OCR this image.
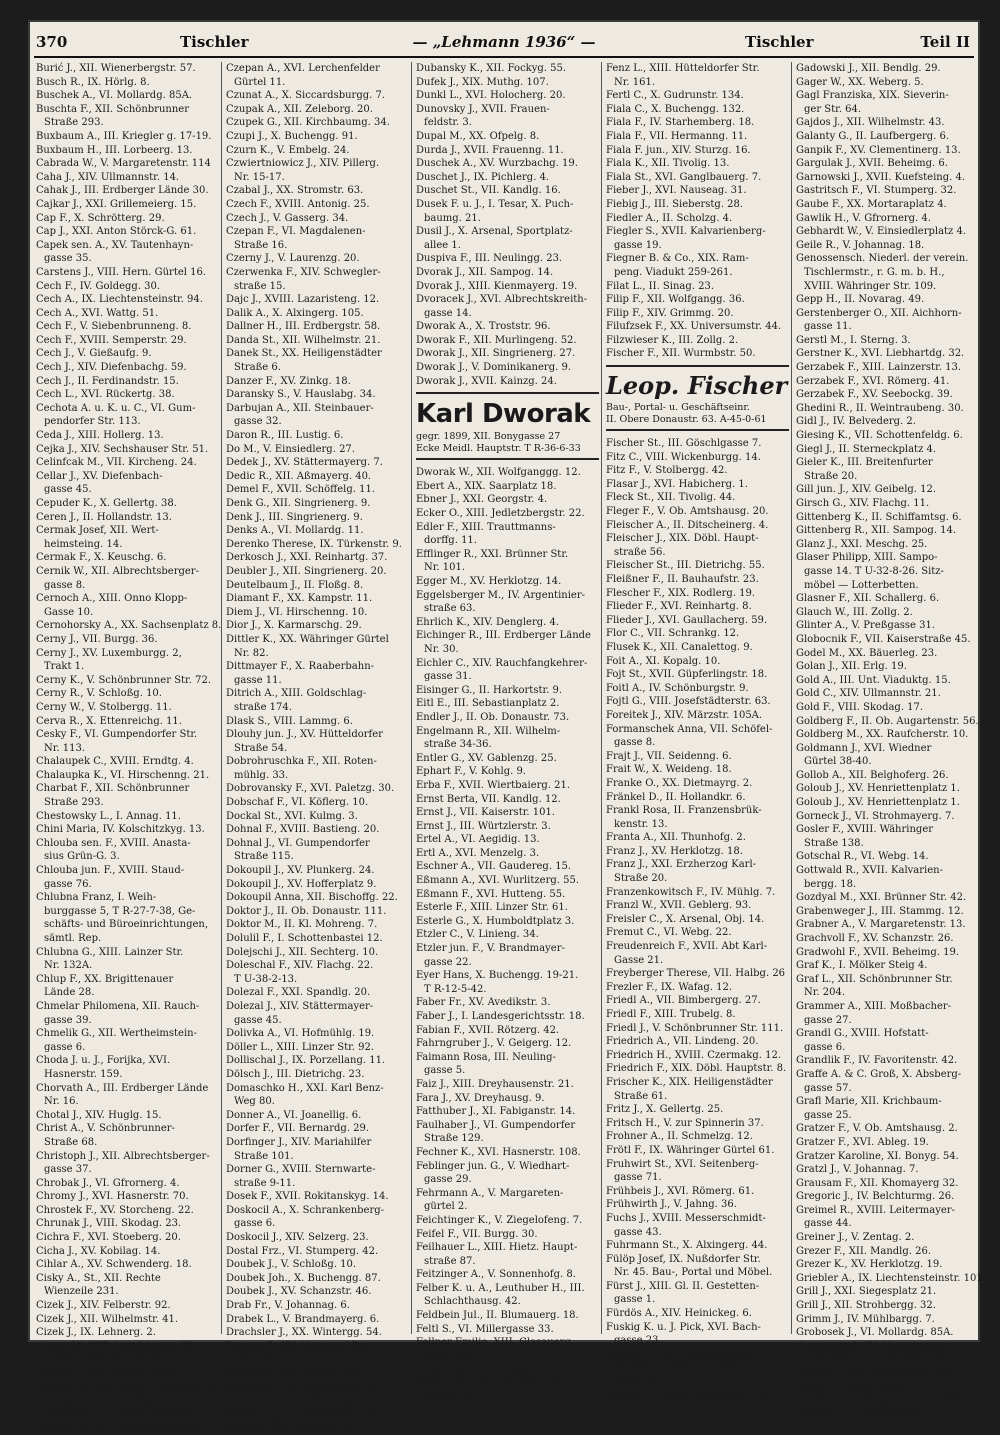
370	Tischler	— „Lehmann 1936“ —	Tischler	Teil II
Burić J., XII. Wienerbergstr. 57.
Busch R., IX. Hörlg. 8.
Buschek A., VI. Mollardg. 85A.
Buschta F., XII. Schönbrunner
Straße 293.
Buxbaum A., III. Kriegler g. 17-19.
Buxbaum H., III. Lorbeerg. 13.
Cabrada W., V. Margaretenstr. 114
Caha J., XIV. Ullmannstr. 14.
Cahak J., III. Erdberger Lände 30.
Cajkar J., XXI. Grillemeierg. 15.
Cap F., X. Schrötterg. 29.
Cap J., XXI. Anton Störck-G. 61.
Capek sen. A., XV. Tautenhayn-
gasse 35.
Carstens J., VIII. Hern. Gürtel 16.
Cech F., IV. Goldegg. 30.
Cech A., IX. Liechtensteinstr. 94.
Cech A., XVI. Wattg. 51.
Cech F., V. Siebenbrunneng. 8.
Cech F., XVIII. Semperstr. 29.
Cech J., V. Gießaufg. 9.
Cech J., XIV. Diefenbachg. 59.
Cech J., II. Ferdinandstr. 15.
Cech L., XVI. Rückertg. 38.
Cechota A. u. K. u. C., VI. Gum-
pendorfer Str. 113.
Ceda J., XIII. Hollerg. 13.
Cejka J., XIV. Sechshauser Str. 51.
Celinfcak M., VII. Kircheng. 24.
Cellar J., XV. Diefenbach-
gasse 45.
Cepuder K., X. Gellertg. 38.
Ceren J., II. Hollandstr. 13.
Cermak Josef, XII. Wert-
heimsteing. 14.
Cermak F., X. Keuschg. 6.
Cernik W., XII. Albrechtsberger-
gasse 8.
Cernoch A., XIII. Onno Klopp-
Gasse 10.
Cernohorsky A., XX. Sachsenplatz 8.
Cerny J., VII. Burgg. 36.
Cerny J., XV. Luxemburgg. 2,
Trakt 1.
Cerny K., V. Schönbrunner Str. 72.
Cerny R., V. Schloßg. 10.
Cerny W., V. Stolbergg. 11.
Cerva R., X. Ettenreichg. 11.
Cesky F., VI. Gumpendorfer Str.
Nr. 113.
Chalaupek C., XVIII. Erndtg. 4.
Chalaupka K., VI. Hirschenng. 21.
Charbat F., XII. Schönbrunner
Straße 293.
Chestowsky L., I. Annag. 11.
Chini Maria, IV. Kolschitzkyg. 13.
Chlouba sen. F., XVIII. Anasta-
sius Grün-G. 3.
Chlouba jun. F., XVIII. Staud-
gasse 76.
Chlubna Franz, I. Weih-
burggasse 5, T R-27-7-38, Ge-
schäfts- und Büroeinrichtungen,
sämtl. Rep.
Chlubna G., XIII. Lainzer Str.
Nr. 132A.
Chlup F., XX. Brigittenauer
Lände 28.
Chmelar Philomena, XII. Rauch-
gasse 39.
Chmelik G., XII. Wertheimstein-
gasse 6.
Choda J. u. J., Forijka, XVI.
Hasnerstr. 159.
Chorvath A., III. Erdberger Lände
Nr. 16.
Chotal J., XIV. Huglg. 15.
Christ A., V. Schönbrunner-
Straße 68.
Christoph J., XII. Albrechtsberger-
gasse 37.
Chrobak J., VI. Gfrornerg. 4.
Chromy J., XVI. Hasnerstr. 70.
Chrostek F., XV. Storcheng. 22.
Chrunak J., VIII. Skodag. 23.
Cichra F., XVI. Stoeberg. 20.
Cicha J., XV. Kobilag. 14.
Cihlar A., XV. Schwenderg. 18.
Cisky A., St., XII. Rechte
Wienzeile 231.
Cizek J., XIV. Felberstr. 92.
Cizek J., XII. Wilhelmstr. 41.
Cizek J., IX. Lehnerg. 2.
Cizner W., XVI. Lienfelderg. 86.
Cmolik J., XIV. Fenzlg. 8-10.
Cmolik J., XIV. Fenzlg. 8-10.
Comba Ed., XII. Meidl. Hauptstr. 68.
Conrads F., IX. Marktg. 11.
Corridor R., II. Große Stadtgutg. 3.
Csanky M., IX. Liechtensteinstr. 117
Czepan A., XVI. Lerchenfelder
Gürtel 11.
Czunat A., X. Siccardsburgg. 7.
Czupak A., XII. Zeleborg. 20.
Czupek G., XII. Kirchbaumg. 34.
Czupi J., X. Buchengg. 91.
Czurn K., V. Embelg. 24.
Czwiertniowicz J., XIV. Pillerg.
Nr. 15-17.
Czabal J., XX. Stromstr. 63.
Czech F., XVIII. Antonig. 25.
Czech J., V. Gasserg. 34.
Czepan F., VI. Magdalenen-
Straße 16.
Czerny J., V. Laurenzg. 20.
Czerwenka F., XIV. Schwegler-
straße 15.
Dajc J., XVIII. Lazaristeng. 12.
Dalik A., X. Alxingerg. 105.
Dallner H., III. Erdbergstr. 58.
Danda St., XII. Wilhelmstr. 21.
Danek St., XX. Heiligenstädter
Straße 6.
Danzer F., XV. Zinkg. 18.
Daransky S., V. Hauslabg. 34.
Darbujan A., XII. Steinbauer-
gasse 32.
Daron R., III. Lustig. 6.
Do M., V. Einsiedlerg. 27.
Dedek J., XV. Stättermayerg. 7.
Dedic R., XII. Aßmayerg. 40.
Demel F., XVII. Schöffelg. 11.
Denk G., XII. Singrienerg. 9.
Denk J., III. Singrienerg. 9.
Denks A., VI. Mollardg. 11.
Derenko Therese, IX. Türkenstr. 9.
Derkosch J., XXI. Reinhartg. 37.
Deubler J., XII. Singrienerg. 20.
Deutelbaum J., II. Floßg. 8.
Diamant F., XX. Kampstr. 11.
Diem J., VI. Hirschenng. 10.
Dior J., X. Karmarschg. 29.
Dittler K., XX. Währinger Gürtel
Nr. 82.
Dittmayer F., X. Raaberbahn-
gasse 11.
Ditrich A., XIII. Goldschlag-
straße 174.
Dlask S., VIII. Lammg. 6.
Dlouhy jun. J., XV. Hütteldorfer
Straße 54.
Dobrohruschka F., XII. Roten-
mühlg. 33.
Dobrovansky F., XVI. Paletzg. 30.
Dobschaf F., VI. Köflerg. 10.
Dockal St., XVI. Kulmg. 3.
Dohnal F., XVIII. Bastieng. 20.
Dohnal J., VI. Gumpendorfer
Straße 115.
Dokoupil J., XV. Plunkerg. 24.
Dokoupil J., XV. Hofferplatz 9.
Dokoupil Anna, XII. Bischoffg. 22.
Doktor J., II. Ob. Donaustr. 111.
Doktor M., II. Kl. Mohreng. 7.
Dolulil F., I. Schottenbastei 12.
Dolejschi J., XII. Sechterg. 10.
Doleschal F., XIV. Flachg. 22.
T U-38-2-13.
Dolezal F., XXI. Spandlg. 20.
Dolezal J., XIV. Stättermayer-
gasse 45.
Dolivka A., VI. Hofmühlg. 19.
Döller L., XIII. Linzer Str. 92.
Dollischal J., IX. Porzellang. 11.
Dölsch J., III. Dietrichg. 23.
Domaschko H., XXI. Karl Benz-
Weg 80.
Donner A., VI. Joanellig. 6.
Dorfer F., VII. Bernardg. 29.
Dorfinger J., XIV. Mariahilfer
Straße 101.
Dorner G., XVIII. Sternwarte-
straße 9-11.
Dosek F., XVII. Rokitanskyg. 14.
Doskocil A., X. Schrankenberg-
gasse 6.
Doskocil J., XIV. Selzerg. 23.
Dostal Frz., VI. Stumperg. 42.
Doubek J., V. Schloßg. 10.
Doubek Joh., X. Buchengg. 87.
Doubek J., XV. Schanzstr. 46.
Drab Fr., V. Johannag. 6.
Drabek L., V. Brandmayerg. 6.
Drachsler J., XX. Wintergg. 54.
Drahny F., XV. Markgraf Rü-
diger-Str. 13.
Drimal K., XV. Märzstr. 35.
Drobny K., XII. Wilhelmstr. 59.
Drucker J., XVI. Blumeng. 29.
Drucker J., III. Würzlerstr. 15.
Duba F., XV. Felberstr. 32.
Dubansky K., XII. Fockyg. 55.
Dufek J., XIX. Muthg. 107.
Dunkl L., XVI. Holocherg. 20.
Dunovsky J., XVII. Frauen-
feldstr. 3.
Dupal M., XX. Ofpelg. 8.
Durda J., XVII. Frauenng. 11.
Duschek A., XV. Wurzbachg. 19.
Duschet J., IX. Pichlerg. 4.
Duschet St., VII. Kandlg. 16.
Dusek F. u. J., I. Tesar, X. Puch-
baumg. 21.
Dusil J., X. Arsenal, Sportplatz-
allee 1.
Duspiva F., III. Neulingg. 23.
Dvorak J., XII. Sampog. 14.
Dvorak J., XIII. Kienmayerg. 19.
Dvoracek J., XVI. Albrechtskreith-
gasse 14.
Dworak A., X. Troststr. 96.
Dworak F., XII. Murlingeng. 52.
Dworak J., XII. Singrienerg. 27.
Dworak J., V. Dominikanerg. 9.
Dworak J., XVII. Kainzg. 24.
Karl Dworak
gegr. 1899, XII. Bonygasse 27
Ecke Meidl. Hauptstr. T R-36-6-33
Dworak W., XII. Wolfganggg. 12.
Ebert A., XIX. Saarplatz 18.
Ebner J., XXI. Georgstr. 4.
Ecker O., XIII. Jedletzbergstr. 22.
Edler F., XIII. Trauttmanns-
dorffg. 11.
Efflinger R., XXI. Brünner Str.
Nr. 101.
Egger M., XV. Herklotzg. 14.
Eggelsberger M., IV. Argentinier-
straße 63.
Ehrlich K., XIV. Denglerg. 4.
Eichinger R., III. Erdberger Lände
Nr. 30.
Eichler C., XIV. Rauchfangkehrer-
gasse 31.
Eisinger G., II. Harkortstr. 9.
Eitl E., III. Sebastianplatz 2.
Endler J., II. Ob. Donaustr. 73.
Engelmann R., XII. Wilhelm-
straße 34-36.
Entler G., XV. Gablenzg. 25.
Ephart F., V. Kohlg. 9.
Erba F., XVII. Wiertbaierg. 21.
Ernst Berta, VII. Kandlg. 12.
Ernst J., VII. Kaiserstr. 101.
Ernst J., III. Würtzlerstr. 3.
Ertel A., VI. Aegidig. 13.
Ertl A., XVI. Menzelg. 3.
Eschner A., VII. Gaudereg. 15.
Eßmann A., XVI. Wurlitzerg. 55.
Eßmann F., XVI. Hutteng. 55.
Esterle F., XIII. Linzer Str. 61.
Esterle G., X. Humboldtplatz 3.
Etzler C., V. Linieng. 34.
Etzler jun. F., V. Brandmayer-
gasse 22.
Eyer Hans, X. Buchengg. 19-21.
T R-12-5-42.
Faber Fr., XV. Avedikstr. 3.
Faber J., I. Landesgerichtsstr. 18.
Fabian F., XVII. Rötzerg. 42.
Fahrngruber J., V. Geigerg. 12.
Faimann Rosa, III. Neuling-
gasse 5.
Faiz J., XIII. Dreyhausenstr. 21.
Fara J., XV. Dreyhausg. 9.
Fatthuber J., XI. Fabiganstr. 14.
Faulhaber J., VI. Gumpendorfer
Straße 129.
Fechner K., XVI. Hasnerstr. 108.
Feblinger jun. G., V. Wiedhart-
gasse 29.
Fehrmann A., V. Margareten-
gürtel 2.
Feichtinger K., V. Ziegelofeng. 7.
Feifel F., VII. Burgg. 30.
Feilhauer L., XIII. Hietz. Haupt-
straße 87.
Feitzinger A., V. Sonnenhofg. 8.
Felber K. u. A., Leuthuber H., III.
Schlachthausg. 42.
Feldbein Jul., II. Blumauerg. 18.
Feltl S., VI. Millergasse 33.
Fellner Emilie, XIII. Glasauerg.
gasse 24.
Fellner J., III. Gärtnerg. 33.
Fellner Schewa, IV. Argentinier-
straße 53.
Fenz L., XIII. Hütteldorfer Str.
Nr. 161.
Fertl C., X. Gudrunstr. 134.
Fiala C., X. Buchengg. 132.
Fiala F., IV. Starhemberg. 18.
Fiala F., VII. Hermanng. 11.
Fiala F. jun., XIV. Sturzg. 16.
Fiala K., XII. Tivolig. 13.
Fiala St., XVI. Ganglbauerg. 7.
Fieber J., XVI. Nauseag. 31.
Fiebig J., III. Sieberstg. 28.
Fiedler A., II. Scholzg. 4.
Fiegler S., XVII. Kalvarienberg-
gasse 19.
Fiegner B. & Co., XIX. Ram-
peng. Viadukt 259-261.
Filat L., II. Sinag. 23.
Filip F., XII. Wolfgangg. 36.
Filip F., XIV. Grimmg. 20.
Filufzsek F., XX. Universumstr. 44.
Filzwieser K., III. Zollg. 2.
Fischer F., XII. Wurmbstr. 50.
Leop. Fischer
Bau-, Portal- u. Geschäftseinr.
II. Obere Donaustr. 63. A-45-0-61
Fischer St., III. Göschlgasse 7.
Fitz C., VIII. Wickenburgg. 14.
Fitz F., V. Stolbergg. 42.
Flasar J., XVI. Habicherg. 1.
Fleck St., XII. Tivolig. 44.
Fleger F., V. Ob. Amtshausg. 20.
Fleischer A., II. Ditscheinerg. 4.
Fleischer J., XIX. Döbl. Haupt-
straße 56.
Fleischer St., III. Dietrichg. 55.
Fleißner F., II. Bauhaufstr. 23.
Flescher F., XIX. Rodlerg. 19.
Flieder F., XVI. Reinhartg. 8.
Flieder J., XVI. Gaullacherg. 59.
Flor C., VII. Schrankg. 12.
Flusek K., XII. Canalettog. 9.
Foit A., XI. Kopalg. 10.
Fojt St., XVII. Güpferlingstr. 18.
Foitl A., IV. Schönburgstr. 9.
Fojtl G., VIII. Josefstädterstr. 63.
Foreitek J., XIV. Märzstr. 105A.
Formanschek Anna, VII. Schöfel-
gasse 8.
Frajt J., VII. Seidenng. 6.
Frait W., X. Weideng. 18.
Franke O., XX. Dietmayrg. 2.
Fränkel D., II. Hollandkr. 6.
Frankl Rosa, II. Franzensbrük-
kenstr. 13.
Franta A., XII. Thunhofg. 2.
Franz J., XV. Herklotzg. 18.
Franz J., XXI. Erzherzog Karl-
Straße 20.
Franzenkowitsch F., IV. Mühlg. 7.
Franzl W., XVII. Geblerg. 93.
Freisler C., X. Arsenal, Obj. 14.
Fremut C., VI. Webg. 22.
Freudenreich F., XVII. Abt Karl-
Gasse 21.
Freyberger Therese, VII. Halbg. 26
Frezler F., IX. Wafag. 12.
Friedl A., VII. Bimbergerg. 27.
Friedl F., XIII. Trubelg. 8.
Friedl J., V. Schönbrunner Str. 111.
Friedrich A., VII. Lindeng. 20.
Friedrich H., XVIII. Czermakg. 12.
Friedrich F., XIX. Döbl. Hauptstr. 8.
Frischer K., XIX. Heiligenstädter
Straße 61.
Fritz J., X. Gellertg. 25.
Fritsch H., V. zur Spinnerin 37.
Frohner A., II. Schmelzg. 12.
Frötl F., IX. Währinger Gürtel 61.
Fruhwirt St., XVI. Seitenberg-
gasse 71.
Frühbeis J., XVI. Römerg. 61.
Frühwirth J., V. Jahng. 36.
Fuchs J., XVIII. Messerschmidt-
gasse 43.
Fuhrmann St., X. Alxingerg. 44.
Fülöp Josef, IX. Nußdorfer Str.
Nr. 45. Bau-, Portal und Möbel.
Fürst J., XIII. Gl. II. Gestetten-
gasse 1.
Fürdös A., XIV. Heinickeg. 6.
Fuskig K. u. J. Pick, XVI. Bach-
gasse 23.
Gabler F., XIII. Rohrbacherstr. 17.
Gabrowitz J., XVI. Speckbacher-
gasse 40.
Gabriel F., XVIII. Semperstr. 28.
Gadowski J., XII. Bendlg. 29.
Gager W., XX. Weberg. 5.
Gagl Franziska, XIX. Sieverin-
ger Str. 64.
Gajdos J., XII. Wilhelmstr. 43.
Galanty G., II. Laufbergerg. 6.
Ganpik F., XV. Clementinerg. 13.
Gargulak J., XVII. Beheimg. 6.
Garnowski J., XVII. Kuefsteing. 4.
Gastritsch F., VI. Stumperg. 32.
Gaube F., XX. Mortaraplatz 4.
Gawlik H., V. Gfrornerg. 4.
Gebhardt W., V. Einsiedlerplatz 4.
Geile R., V. Johannag. 18.
Genossensch. Niederl. der verein.
Tischlermstr., r. G. m. b. H.,
XVIII. Währinger Str. 109.
Gepp H., II. Novarag. 49.
Gerstenberger O., XII. Aichhorn-
gasse 11.
Gerstl M., I. Sterng. 3.
Gerstner K., XVI. Liebhartdg. 32.
Gerzabek F., XIII. Lainzerstr. 13.
Gerzabek F., XVI. Römerg. 41.
Gerzabek F., XV. Seebockg. 39.
Ghedini R., II. Weintraubeng. 30.
Gidl J., IV. Belvederg. 2.
Giesing K., VII. Schottenfeldg. 6.
Giegl J., II. Sterneckplatz 4.
Gieler K., III. Breitenfurter
Straße 20.
Gill jun. J., XIV. Geibelg. 12.
Girsch G., XIV. Flachg. 11.
Gittenberg K., II. Schiffamtsg. 6.
Gittenberg R., XII. Sampog. 14.
Glanz J., XXI. Meschg. 25.
Glaser Philipp, XIII. Sampo-
gasse 14. T U-32-8-26. Sitz-
möbel — Lotterbetten.
Glasner F., XII. Schallerg. 6.
Glauch W., III. Zollg. 2.
Glinter A., V. Preßgasse 31.
Globocnik F., VII. Kaiserstraße 45.
Godel M., XX. Bäuerleg. 23.
Golan J., XII. Erlg. 19.
Gold A., III. Unt. Viaduktg. 15.
Gold C., XIV. Ullmannstr. 21.
Gold F., VIII. Skodag. 17.
Goldberg F., II. Ob. Augartenstr. 56.
Goldberg M., XX. Raufcherstr. 10.
Goldmann J., XVI. Wiedner
Gürtel 38-40.
Gollob A., XII. Belghoferg. 26.
Goloub J., XV. Henriettenplatz 1.
Goloub J., XV. Henriettenplatz 1.
Gorneck J., VI. Strohmayerg. 7.
Gosler F., XVIII. Währinger
Straße 138.
Gotschal R., VI. Webg. 14.
Gottwald R., XVII. Kalvarien-
bergg. 18.
Gozdyal M., XXI. Brünner Str. 42.
Grabenweger J., III. Stammg. 12.
Grabner A., V. Margaretenstr. 13.
Grachvoll F., XV. Schanzstr. 26.
Gradwohl F., XVII. Beheimg. 19.
Graf K., I. Mölker Steig 4.
Graf L., XII. Schönbrunner Str.
Nr. 204.
Grammer A., XIII. Moßbacher-
gasse 27.
Grandl G., XVIII. Hofstatt-
gasse 6.
Grandlik F., IV. Favoritenstr. 42.
Graffe A. & C. Groß, X. Absberg-
gasse 57.
Grafl Marie, XII. Krichbaum-
gasse 25.
Gratzer F., V. Ob. Amtshausg. 2.
Gratzer F., XVI. Ableg. 19.
Gratzer Karoline, XI. Bonyg. 54.
Gratzl J., V. Johannag. 7.
Grausam F., XII. Khomayerg 32.
Gregoric J., IV. Belchturmg. 26.
Greimel R., XVIII. Leitermayer-
gasse 44.
Greiner J., V. Zentag. 2.
Grezer F., XII. Mandlg. 26.
Grezer K., XV. Herklotzg. 19.
Griebler A., IX. Liechtensteinstr. 101
Grill J., XXI. Siegesplatz 21.
Grill J., XII. Strohbergg. 32.
Grimm J., IV. Mühlbargg. 7.
Grobosek J., VI. Mollardg. 85A.
Grohmann J., IV. Mommseng. 4.
Grohmann J., IX. Döblichg. 8.
Grosch J., XIII. Bergmanng. 28.
Groß F., I. Rene Burg.
Gruber F., V. Margaretenstr. 160.
Gruber L., II. Berderlerg. 7.
